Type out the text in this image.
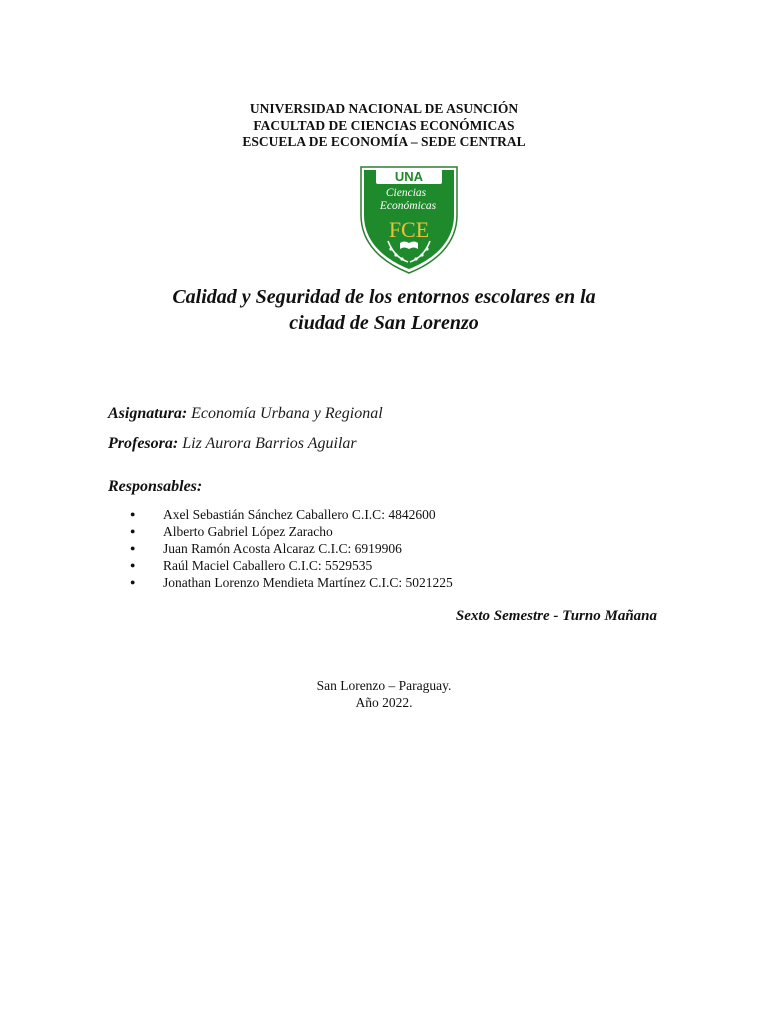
UNIVERSIDAD NACIONAL DE ASUNCIÓN
FACULTAD DE CIENCIAS ECONÓMICAS
ESCUELA DE ECONOMÍA – SEDE CENTRAL
UNA
Ciencias
Económicas
FCE
Calidad y Seguridad de los entornos escolares en la
ciudad de San Lorenzo
Asignatura: Economía Urbana y Regional
Profesora: Liz Aurora Barrios Aguilar
Responsables:
● Axel Sebastián Sánchez Caballero C.I.C: 4842600
● Alberto Gabriel López Zaracho
● Juan Ramón Acosta Alcaraz C.I.C: 6919906
● Raúl Maciel Caballero C.I.C: 5529535
● Jonathan Lorenzo Mendieta Martínez C.I.C: 5021225
Sexto Semestre - Turno Mañana
San Lorenzo – Paraguay.
Año 2022.
